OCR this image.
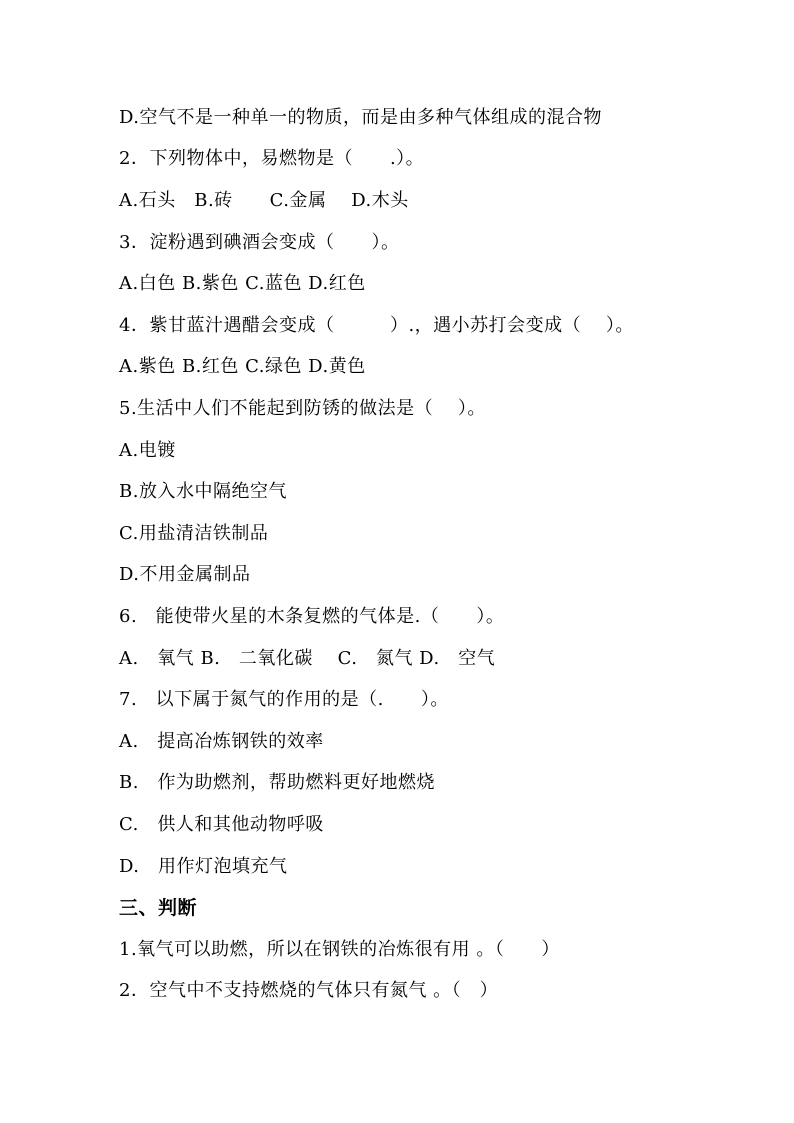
D.空气不是一种单一的物质，而是由多种气体组成的混合物
2．下列物体中，易燃物是（　　.）。
A.石头　B.砖　　C.金属　 D.木头
3．淀粉遇到碘酒会变成（　　）。
A.白色 B.紫色 C.蓝色 D.红色
4．紫甘蓝汁遇醋会变成（　　　）.，遇小苏打会变成（　 ）。
A.紫色 B.红色 C.绿色 D.黄色
5.生活中人们不能起到防锈的做法是（　 ）。
A.电镀
B.放入水中隔绝空气
C.用盐清洁铁制品
D.不用金属制品
6.　能使带火星的木条复燃的气体是.（　　）。
A.　氧气 B.　二氧化碳　 C.　氮气 D.　空气
7.　以下属于氮气的作用的是（.　　）。
A.　提高冶炼钢铁的效率
B.　作为助燃剂，帮助燃料更好地燃烧
C.　供人和其他动物呼吸
D.　用作灯泡填充气
三、判断
1.氧气可以助燃，所以在钢铁的冶炼很有用 。（　　）
2．空气中不支持燃烧的气体只有氮气 。（　）
